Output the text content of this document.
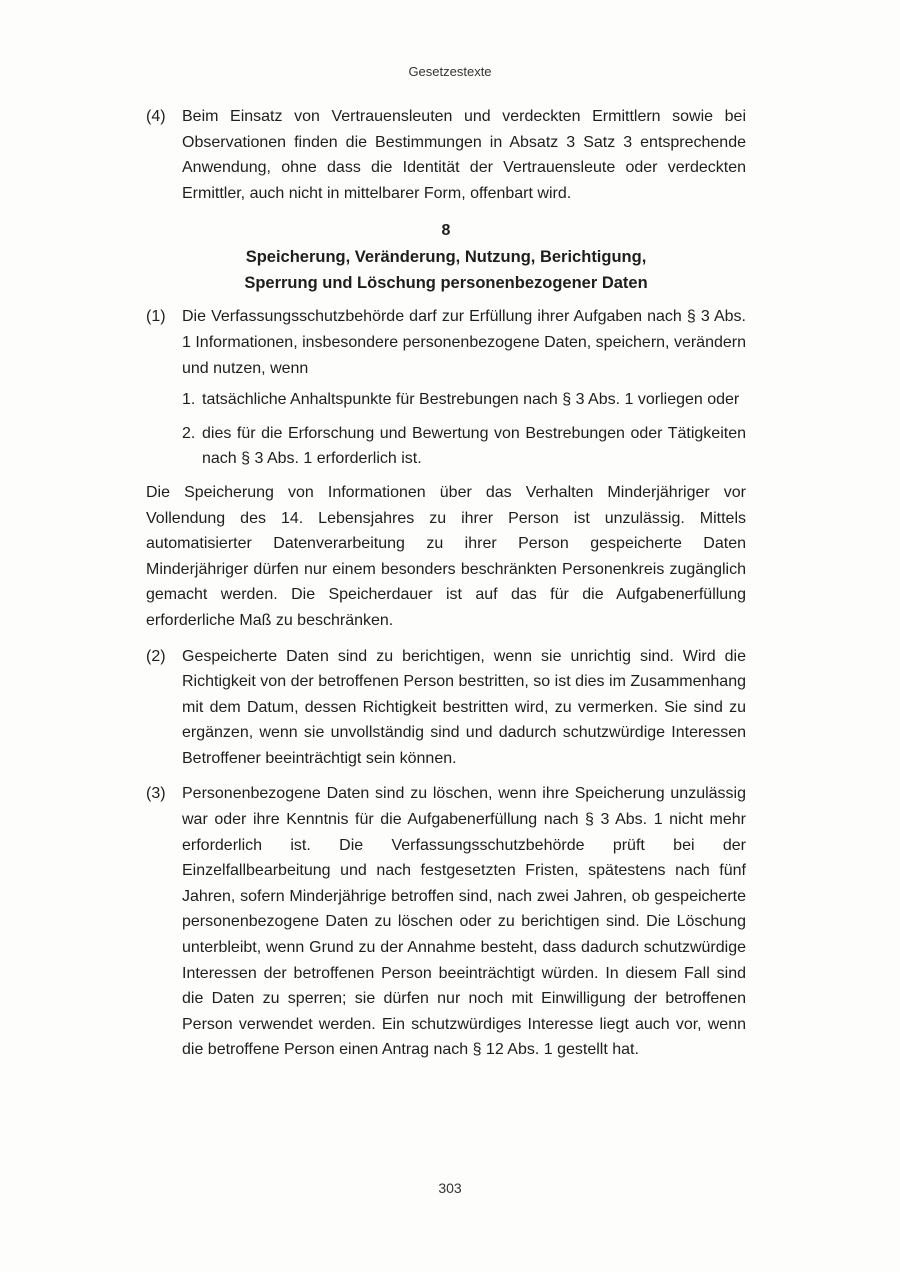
Gesetzestexte
(4) Beim Einsatz von Vertrauensleuten und verdeckten Ermittlern sowie bei Observationen finden die Bestimmungen in Absatz 3 Satz 3 entsprechende Anwendung, ohne dass die Identität der Vertrauensleute oder verdeckten Ermittler, auch nicht in mittelbarer Form, offenbart wird.
8
Speicherung, Veränderung, Nutzung, Berichtigung,
Sperrung und Löschung personenbezogener Daten
(1) Die Verfassungsschutzbehörde darf zur Erfüllung ihrer Aufgaben nach § 3 Abs. 1 Informationen, insbesondere personenbezogene Daten, speichern, verändern und nutzen, wenn
1. tatsächliche Anhaltspunkte für Bestrebungen nach § 3 Abs. 1 vorliegen oder
2. dies für die Erforschung und Bewertung von Bestrebungen oder Tätigkeiten nach § 3 Abs. 1 erforderlich ist.
Die Speicherung von Informationen über das Verhalten Minderjähriger vor Vollendung des 14. Lebensjahres zu ihrer Person ist unzulässig. Mittels automatisierter Datenverarbeitung zu ihrer Person gespeicherte Daten Minderjähriger dürfen nur einem besonders beschränkten Personenkreis zugänglich gemacht werden. Die Speicherdauer ist auf das für die Aufgabenerfüllung erforderliche Maß zu beschränken.
(2) Gespeicherte Daten sind zu berichtigen, wenn sie unrichtig sind. Wird die Richtigkeit von der betroffenen Person bestritten, so ist dies im Zusammenhang mit dem Datum, dessen Richtigkeit bestritten wird, zu vermerken. Sie sind zu ergänzen, wenn sie unvollständig sind und dadurch schutzwürdige Interessen Betroffener beeinträchtigt sein können.
(3) Personenbezogene Daten sind zu löschen, wenn ihre Speicherung unzulässig war oder ihre Kenntnis für die Aufgabenerfüllung nach § 3 Abs. 1 nicht mehr erforderlich ist. Die Verfassungsschutzbehörde prüft bei der Einzelfallbearbeitung und nach festgesetzten Fristen, spätestens nach fünf Jahren, sofern Minderjährige betroffen sind, nach zwei Jahren, ob gespeicherte personenbezogene Daten zu löschen oder zu berichtigen sind. Die Löschung unterbleibt, wenn Grund zu der Annahme besteht, dass dadurch schutzwürdige Interessen der betroffenen Person beeinträchtigt würden. In diesem Fall sind die Daten zu sperren; sie dürfen nur noch mit Einwilligung der betroffenen Person verwendet werden. Ein schutzwürdiges Interesse liegt auch vor, wenn die betroffene Person einen Antrag nach § 12 Abs. 1 gestellt hat.
303
